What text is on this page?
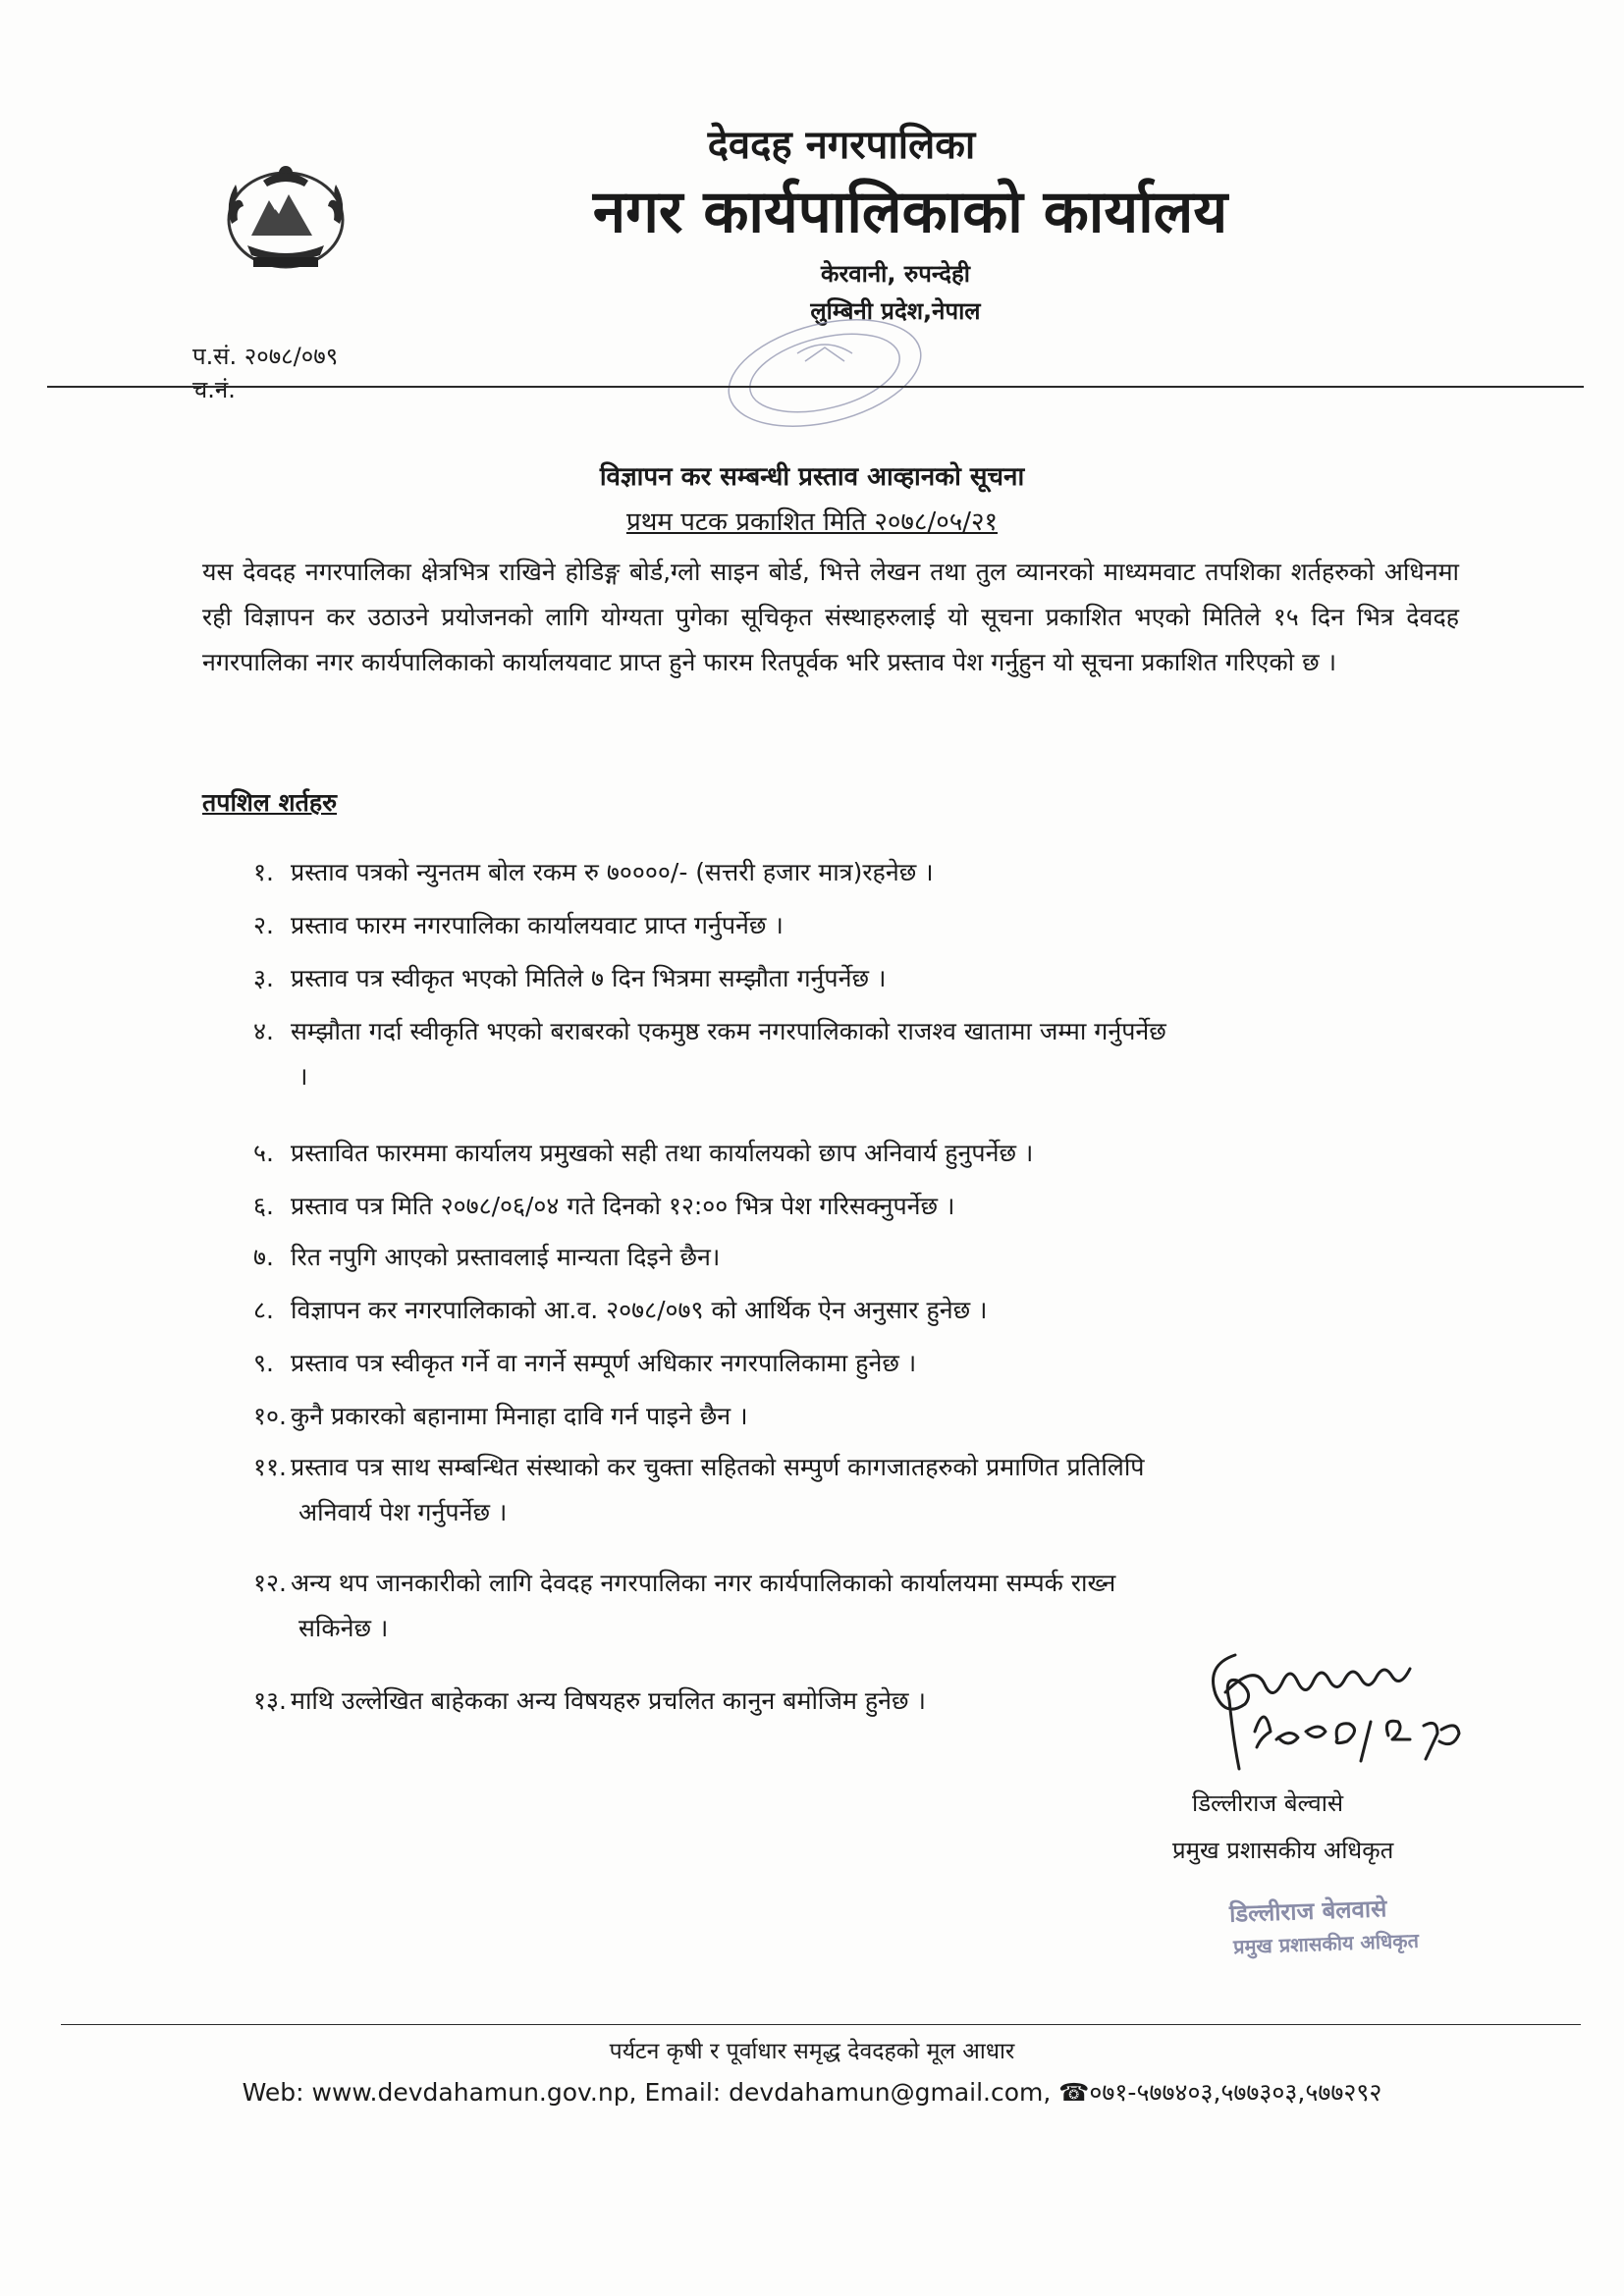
देवदह नगरपालिका
नगर कार्यपालिकाको कार्यालय
केरवानी, रुपन्देही
लुम्बिनी प्रदेश,नेपाल
प.सं. २०७८/०७९
च.नं.
विज्ञापन कर सम्बन्धी प्रस्ताव आव्हानको सूचना
प्रथम पटक प्रकाशित मिति २०७८/०५/२१
यस देवदह नगरपालिका क्षेत्रभित्र राखिने होडिङ्ग बोर्ड,ग्लो साइन बोर्ड, भित्ते लेखन तथा तुल व्यानरको माध्यमवाट तपशिका शर्तहरुको अधिनमा रही विज्ञापन कर उठाउने प्रयोजनको लागि योग्यता पुगेका सूचिकृत संस्थाहरुलाई यो सूचना प्रकाशित भएको मितिले १५ दिन भित्र देवदह नगरपालिका नगर कार्यपालिकाको कार्यालयवाट प्राप्त हुने फारम रितपूर्वक भरि प्रस्ताव पेश गर्नुहुन यो सूचना प्रकाशित गरिएको छ ।
तपशिल शर्तहरु
१. प्रस्ताव पत्रको न्युनतम बोल रकम रु ७००००/- (सत्तरी हजार मात्र)रहनेछ ।
२. प्रस्ताव फारम नगरपालिका कार्यालयवाट प्राप्त गर्नुपर्नेछ ।
३. प्रस्ताव पत्र स्वीकृत भएको मितिले ७ दिन भित्रमा सम्झौता गर्नुपर्नेछ ।
४. सम्झौता गर्दा स्वीकृति भएको बराबरको एकमुष्ठ रकम नगरपालिकाको राजश्व खातामा जम्मा गर्नुपर्नेछ
।
५. प्रस्तावित फारममा कार्यालय प्रमुखको सही तथा कार्यालयको छाप अनिवार्य हुनुपर्नेछ ।
६. प्रस्ताव पत्र मिति २०७८/०६/०४ गते दिनको १२:०० भित्र पेश गरिसक्नुपर्नेछ ।
७. रित नपुगि आएको प्रस्तावलाई मान्यता दिइने छैन।
८. विज्ञापन कर नगरपालिकाको आ.व. २०७८/०७९ को आर्थिक ऐन अनुसार हुनेछ ।
९. प्रस्ताव पत्र स्वीकृत गर्ने वा नगर्ने सम्पूर्ण अधिकार नगरपालिकामा हुनेछ ।
१०. कुनै प्रकारको बहानामा मिनाहा दावि गर्न पाइने छैन ।
११. प्रस्ताव पत्र साथ सम्बन्धित संस्थाको कर चुक्ता सहितको सम्पुर्ण कागजातहरुको प्रमाणित प्रतिलिपि
अनिवार्य पेश गर्नुपर्नेछ ।
१२. अन्य थप जानकारीको लागि देवदह नगरपालिका नगर कार्यपालिकाको कार्यालयमा सम्पर्क राख्न
सकिनेछ ।
१३. माथि उल्लेखित बाहेकका अन्य विषयहरु प्रचलित कानुन बमोजिम हुनेछ ।
डिल्लीराज बेल्वासे
प्रमुख प्रशासकीय अधिकृत
डिल्लीराज बेलवासे
प्रमुख प्रशासकीय अधिकृत
पर्यटन कृषी र पूर्वाधार समृद्ध देवदहको मूल आधार
Web: www.devdahamun.gov.np, Email: devdahamun@gmail.com, ☎०७१-५७७४०३,५७७३०३,५७७२९२
